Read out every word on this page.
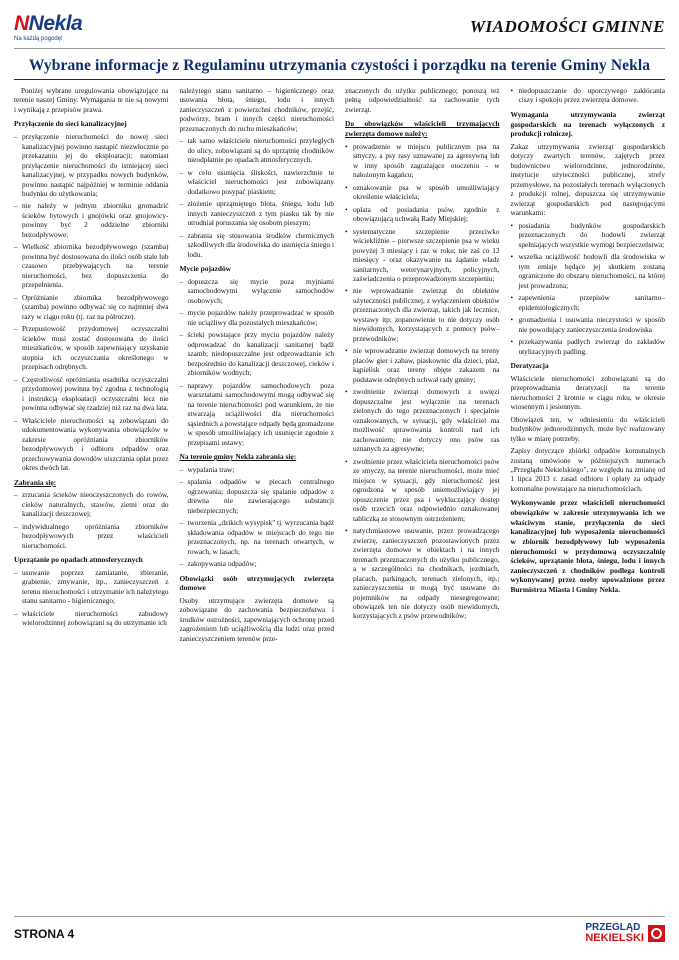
NNekla
Na każdą pogodę!
WIADOMOŚCI GMINNE
Wybrane informacje z Regulaminu utrzymania czystości i porządku na terenie Gminy Nekla

Poniżej wybrane uregulowania obowiązujące na terenie naszej Gminy. Wymagania te nie są nowymi i wynikają z przepisów prawa.

Przyłączenie do sieci kanalizacyjnej
– przyłączenie nieruchomości do nowej sieci kanalizacyjnej powinno nastąpić niezwłocznie po przekazaniu jej do eksploatacji; natomiast przyłączenie nieruchomości do istniejącej sieci kanalizacyjnej, w przypadku nowych budynków, powinno nastąpić najpóźniej w terminie oddania budynku do użytkowania;
– nie należy w jednym zbiorniku gromadzić ścieków bytowych i gnojówki oraz gnojowicy- powinny być 2 oddzielne zbiorniki bezodpływowe;
– Wielkość zbiornika bezodpływowego (szamba) powinna być dostosowana do ilości osób stale lub czasowo przebywających na terenie nieruchomości, bez dopuszczenia do przepełnienia.
– Opróżnianie zbiornika bezodpływowego (szamba) powinno odbywać się co najmniej dwa razy w ciągu roku (tj. raz na półrocze).
– Przepustowość przydomowej oczyszczalni ścieków musi zostać dostosowana do ilości mieszkańców, w sposób zapewniający uzyskanie stopnia ich oczyszczania określonego w przepisach odrębnych.
– Częstotliwość opróżniania osadnika oczyszczalni przydomowej powinna być zgodna z technologią i instrukcją eksploatacji oczyszczalni lecz nie powinna odbywać się rzadziej niż raz na dwa lata.
– Właściciele nieruchomości są zobowiązani do udokumentowania wykonywania obowiązków w zakresie opróżniania zbiorników bezodpływowych i odbioru odpadów oraz przechowywania dowodów uiszczania opłat przez okres dwóch lat.
Zabrania się:
– zrzucania ścieków nieoczyszczonych do rowów, cieków naturalnych, stawów, ziemi oraz do kanalizacji deszczowej;
– indywidualnego opróżniania zbiorników bezodpływowych przez właścicieli nieruchomości.
Uprzątanie po opadach atmosferycznych
– usuwanie poprzez zamiatanie, zbieranie, grabienie, zmywanie, itp., zanieczyszczeń z terenu nieruchomości i utrzymanie ich należytego stanu sanitarno - higienicznego;
– właściciele nieruchomości zabudowy wielorodzinnej zobowiązani są do utrzymanie ich

należytego stanu sanitarno – higienicznego oraz usuwania błota, śniegu, lodu i innych zanieczyszczeń z powierzchni chodników, przejść, podwórzy, bram i innych części nieruchomości przeznaczonych do ruchu mieszkańców;

– tak samo właściciele nieruchomości przyległych do ulicy, zobowiązani są do uprzątnię chodników nieodpłatnie po opadach atmosferycznych.
– w celu usunięcia śliskości, nawierzchnie te właściciel nieruchomości jest zobowiązany dodatkowo posypać piaskiem;
– złożenie uprzątniętego błota, śniegu, lodu lub innych zanieczyszczeń z tym piasku tak by nie utrudniał poruszania się osobom pieszym;
– zabrania się stosowania środków chemicznych szkodliwych dla środowiska do usunięcia śniegu i lodu.
Mycie pojazdów
– dopuszcza się mycie poza myjniami samochodowymi wyłącznie samochodów osobowych;
– mycie pojazdów należy przeprowadzać w sposób nie uciążliwy dla pozostałych mieszkańców;
– ścieki powstające przy myciu pojazdów należy odprowadzać do kanalizacji sanitarnej bądź szamb; niedopuszczalne jest odprowadzanie ich bezpośrednio do kanalizacji deszczowej, cieków i zbiorników wodnych;
– naprawy pojazdów samochodowych poza warsztatami samochodowymi mogą odbywać się na terenie nieruchomości pod warunkiem, że nie stwarzają uciążliwości dla nieruchomości sąsiednich a powstające odpady będą gromadzone w sposób umożliwiający ich usunięcie zgodnie z przepisami ustawy;
Na terenie gminy Nekla zabrania się:
– wypalania traw;
– spalania odpadów w piecach centralnego ogrzewania; dopuszcza się spalanie odpadów z drewna nie zawierającego substancji niebezpiecznych;
– tworzenia „dzikich wysypisk" tj. wyrzucania bądź składowania odpadów w miejscach do tego nie przeznaczonych, np. na terenach otwartych, w rowach, w lasach;
– zakopywania odpadów;
Obowiązki osób utrzymujących zwierzęta domowe

Osoby utrzymujące zwierzęta domowe są zobowiązane do zachowania bezpieczeństwa i środków ostrożności, zapewniających ochronę przed zagrożeniem lub uciążliwością dla ludzi oraz przed zanieczyszczeniem terenów prze-

znaczonych do użytku publicznego; ponoszą też pełną odpowiedzialność za zachowanie tych zwierząt.

Do obowiązków właścicieli trzymających zwierzęta domowe należy:
• prowadzenie w miejscu publicznym psa na smyczy, a psy rasy uznawanej za agresywną lub w inny sposób zagrażające otoczeniu - w nałożonym kagańcu;
• oznakowanie psa w sposób umożliwiający określenie właściciela;
• opłata od posiadania psów, zgodnie z obowiązującą uchwałą Rady Miejskiej;
• systematyczne szczepienie przeciwko wściekliźnie – pierwsze szczepienie psa w wieku powyżej 3 miesiący i raz w roku; nie zaś co 12 miesięcy - oraz okazywanie na żądanie władz sanitarnych, weterynaryjnych, policyjnych, zaświadczenia o przeprowadzonym szczepieniu;
• nie wprowadzanie zwierząt do obiektów użyteczności publicznej, z wyłączeniem obiektów przeznaczonych dla zwierząt, takich jak lecznice, wystawy itp; zopanowienie to nie dotyczy osób niewidomych, korzystających z pomocy psów–przewodników;
• nie wprowadzanie zwierząt domowych na tereny placów gier i zabaw, piaskownic dla dzieci, plaż, kąpielisk oraz tereny objęte zakazem na podstawie odrębnych uchwał rady gminy;
• zwolnienie zwierząt domowych z uwięzi dopuszczalne jest wyłącznie na terenach zielonych do tego przeznaczonych i specjalnie oznakowanych, w sytuacji, gdy właściciel ma możliwość sprawowania kontroli nad ich zachowaniem; nie dotyczy ono psów ras uznanych za agresywne;
• zwolnienie przez właściciela nieruchomości psów ze smyczy, na terenie nieruchomości, może mieć miejsce w sytuacji, gdy nieruchomość jest ogrodzona w sposób uniemożliwiający jej opuszczenie przez psa i wykluczający dostęp osób trzecich oraz odpowiednio oznakowanej tabliczką ze stosownym ostrzeżeniem;
• natychmiastowe usuwanie, przez prowadzącego zwierzę, zanieczyszczeń pozostawionych przez zwierzęta domowe w obiektach i na innych terenach przeznaczonych do użytku publicznego, a w szczególności na chodnikach, jezdniach, placach, parkingach, terenach zielonych, itp.; zanieczyszczenia te mogą być usuwane do pojemników na odpady niesegregowane; obowiązek ten nie dotyczy osób niewidomych, korzystających z psów przewodników;
• niedopuszczanie do uporczywego zakłócania ciszy i spokoju przez zwierzęta domowe.
Wymagania utrzymywania zwierząt gospodarskich na terenach wyłączonych z produkcji rolniczej.

Zakaz utrzymywania zwierząt gospodarskich dotyczy zwartych terenów, zajętych przez budownictwo wielorodzinne, jednorodzinne, instytucje użyteczności publicznej, strefy przemysłowe, na pozostałych terenach wyłączonych z produkcji rolnej, dopuszcza się utrzymywanie zwierząt gospodarskich pod następującymi warunkami:

• posiadania budynków gospodarskich przeznaczonych do hodowli zwierząt spełniających wszystkie wymogi bezpieczeństwa;
• wszelka uciążliwość hodowli dla środowiska w tym emisje będące jej skutkiem zostaną ograniczone do obszaru nieruchomości, na której jest prowadzona;
• zapewnienia przepisów sanitarno–epidemiologicznych;
• gromadzenia i usuwania nieczystości w sposób nie powodujący zanieczyszczenia środowiska
• przekazywania padłych zwierząt do zakładów utylizacyjnych padling.
Deratyzacja

Właściciele nieruchomości zobowiązani są do przeprowadzania deratyzacji na terenie nieruchomości 2 krotnie w ciągu roku, w okresie wiosennym i jesiennym.

Obowiązek ten, w odniesieniu do właścicieli budynków jednorodzinnych, może być realizowany tylko w miarę potrzeby.

Zapisy dotyczące zbiórki odpadów komunalnych zostaną omówione w późniejszych numerach „Przeglądu Nekielskiego", ze względu na zmianę od 1 lipca 2013 r. zasad odbioru i opłaty za odpady komunalne powstające na nieruchomościach.

Wykonywanie przez właścicieli nieruchomości obowiązków w zakresie utrzymywania ich we właściwym stanie, przyłączenia do sieci kanalizacyjnej lub wyposażenia nieruchomości w zbiornik bezodpływowy lub wyposażenia nieruchomości w przydomową oczyszczalnię ścieków, uprzątanie błota, śniegu, lodu i innych zanieczyszczeń z chodników podlega kontroli wykonywanej przez osoby upoważnione przez Burmistrza Miasta i Gminy Nekla.
STRONA 4	PRZEGLĄD
NEKIELSKI
